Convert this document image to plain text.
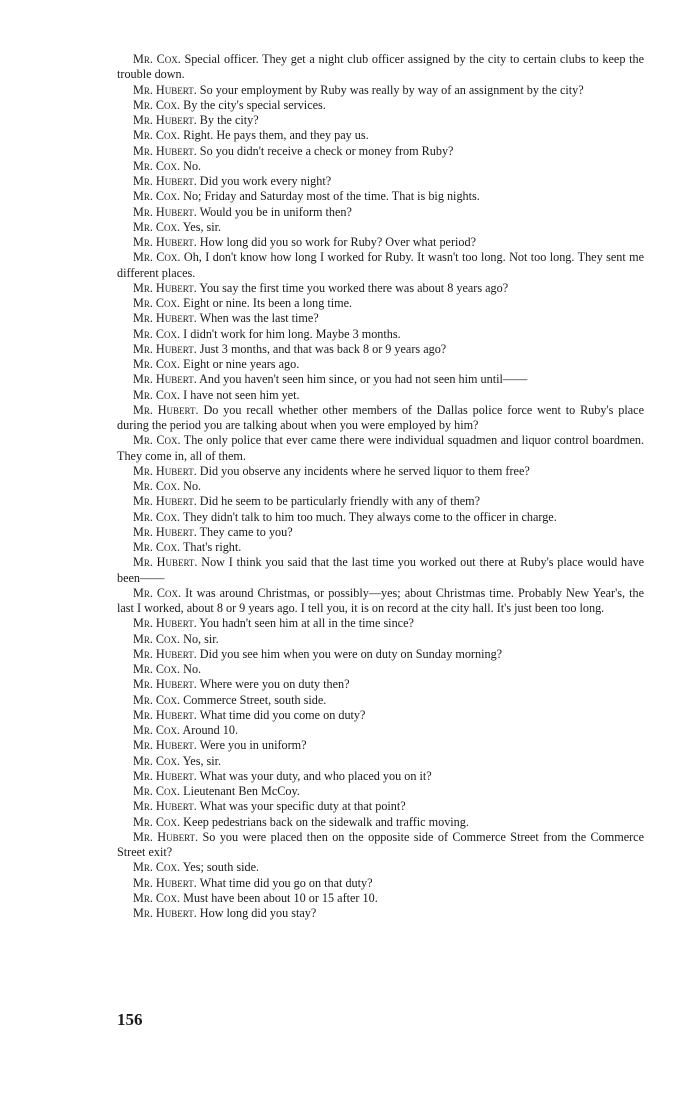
Mr. Cox. Special officer. They get a night club officer assigned by the city to certain clubs to keep the trouble down.

Mr. Hubert. So your employment by Ruby was really by way of an assignment by the city?

Mr. Cox. By the city's special services.

Mr. Hubert. By the city?

Mr. Cox. Right. He pays them, and they pay us.

Mr. Hubert. So you didn't receive a check or money from Ruby?

Mr. Cox. No.

Mr. Hubert. Did you work every night?

Mr. Cox. No; Friday and Saturday most of the time. That is big nights.

Mr. Hubert. Would you be in uniform then?

Mr. Cox. Yes, sir.

Mr. Hubert. How long did you so work for Ruby? Over what period?

Mr. Cox. Oh, I don't know how long I worked for Ruby. It wasn't too long. Not too long. They sent me different places.

Mr. Hubert. You say the first time you worked there was about 8 years ago?

Mr. Cox. Eight or nine. Its been a long time.

Mr. Hubert. When was the last time?

Mr. Cox. I didn't work for him long. Maybe 3 months.

Mr. Hubert. Just 3 months, and that was back 8 or 9 years ago?

Mr. Cox. Eight or nine years ago.

Mr. Hubert. And you haven't seen him since, or you had not seen him until——

Mr. Cox. I have not seen him yet.

Mr. Hubert. Do you recall whether other members of the Dallas police force went to Ruby's place during the period you are talking about when you were employed by him?

Mr. Cox. The only police that ever came there were individual squadmen and liquor control boardmen. They come in, all of them.

Mr. Hubert. Did you observe any incidents where he served liquor to them free?

Mr. Cox. No.

Mr. Hubert. Did he seem to be particularly friendly with any of them?

Mr. Cox. They didn't talk to him too much. They always come to the officer in charge.

Mr. Hubert. They came to you?

Mr. Cox. That's right.

Mr. Hubert. Now I think you said that the last time you worked out there at Ruby's place would have been——

Mr. Cox. It was around Christmas, or possibly—yes; about Christmas time. Probably New Year's, the last I worked, about 8 or 9 years ago. I tell you, it is on record at the city hall. It's just been too long.

Mr. Hubert. You hadn't seen him at all in the time since?

Mr. Cox. No, sir.

Mr. Hubert. Did you see him when you were on duty on Sunday morning?

Mr. Cox. No.

Mr. Hubert. Where were you on duty then?

Mr. Cox. Commerce Street, south side.

Mr. Hubert. What time did you come on duty?

Mr. Cox. Around 10.

Mr. Hubert. Were you in uniform?

Mr. Cox. Yes, sir.

Mr. Hubert. What was your duty, and who placed you on it?

Mr. Cox. Lieutenant Ben McCoy.

Mr. Hubert. What was your specific duty at that point?

Mr. Cox. Keep pedestrians back on the sidewalk and traffic moving.

Mr. Hubert. So you were placed then on the opposite side of Commerce Street from the Commerce Street exit?

Mr. Cox. Yes; south side.

Mr. Hubert. What time did you go on that duty?

Mr. Cox. Must have been about 10 or 15 after 10.

Mr. Hubert. How long did you stay?

156
